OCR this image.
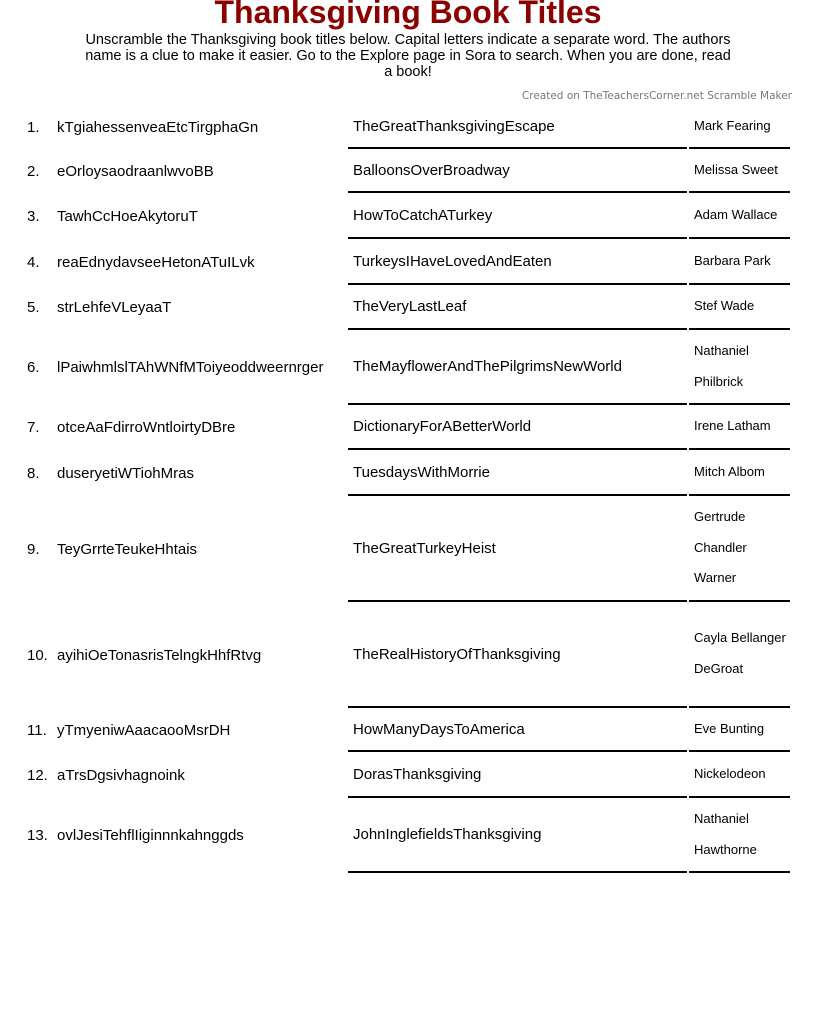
Thanksgiving Book Titles

Unscramble the Thanksgiving book titles below. Capital letters indicate a separate word. The authors name is a clue to make it easier. Go to the Explore page in Sora to search. When you are done, read a book!

Created on TheTeachersCorner.net Scramble Maker
1.	kTgiahessenveaEtcTirgphaGn	TheGreatThanksgivingEscape	Mark Fearing
2.	eOrloysaodraanlwvoBB	BalloonsOverBroadway	Melissa Sweet
3.	TawhCcHoeAkytoruT	HowToCatchATurkey	Adam Wallace
4.	reaEdnydavseeHetonATuILvk	TurkeysIHaveLovedAndEaten	Barbara Park
5.	strLehfeVLeyaaT	TheVeryLastLeaf	Stef Wade
6.	lPaiwhmlslTAhWNfMToiyeoddweernrger	TheMayflowerAndThePilgrimsNewWorld	Nathaniel Philbrick
7.	otceAaFdirroWntloirtyDBre	DictionaryForABetterWorld	Irene Latham
8.	duseryetiWTiohMras	TuesdaysWithMorrie	Mitch Albom
9.	TeyGrrteTeukeHhtais	TheGreatTurkeyHeist	Gertrude Chandler Warner
10.	ayihiOeTonasrisTelngkHhfRtvg	TheRealHistoryOfThanksgiving	Cayla Bellanger DeGroat
11.	yTmyeniwAaacaooMsrDH	HowManyDaysToAmerica	Eve Bunting
12.	aTrsDgsivhagnoink	DorasThanksgiving	Nickelodeon
13.	ovlJesiTehflIiginnnkahnggds	JohnInglefieldsThanksgiving	Nathaniel Hawthorne
